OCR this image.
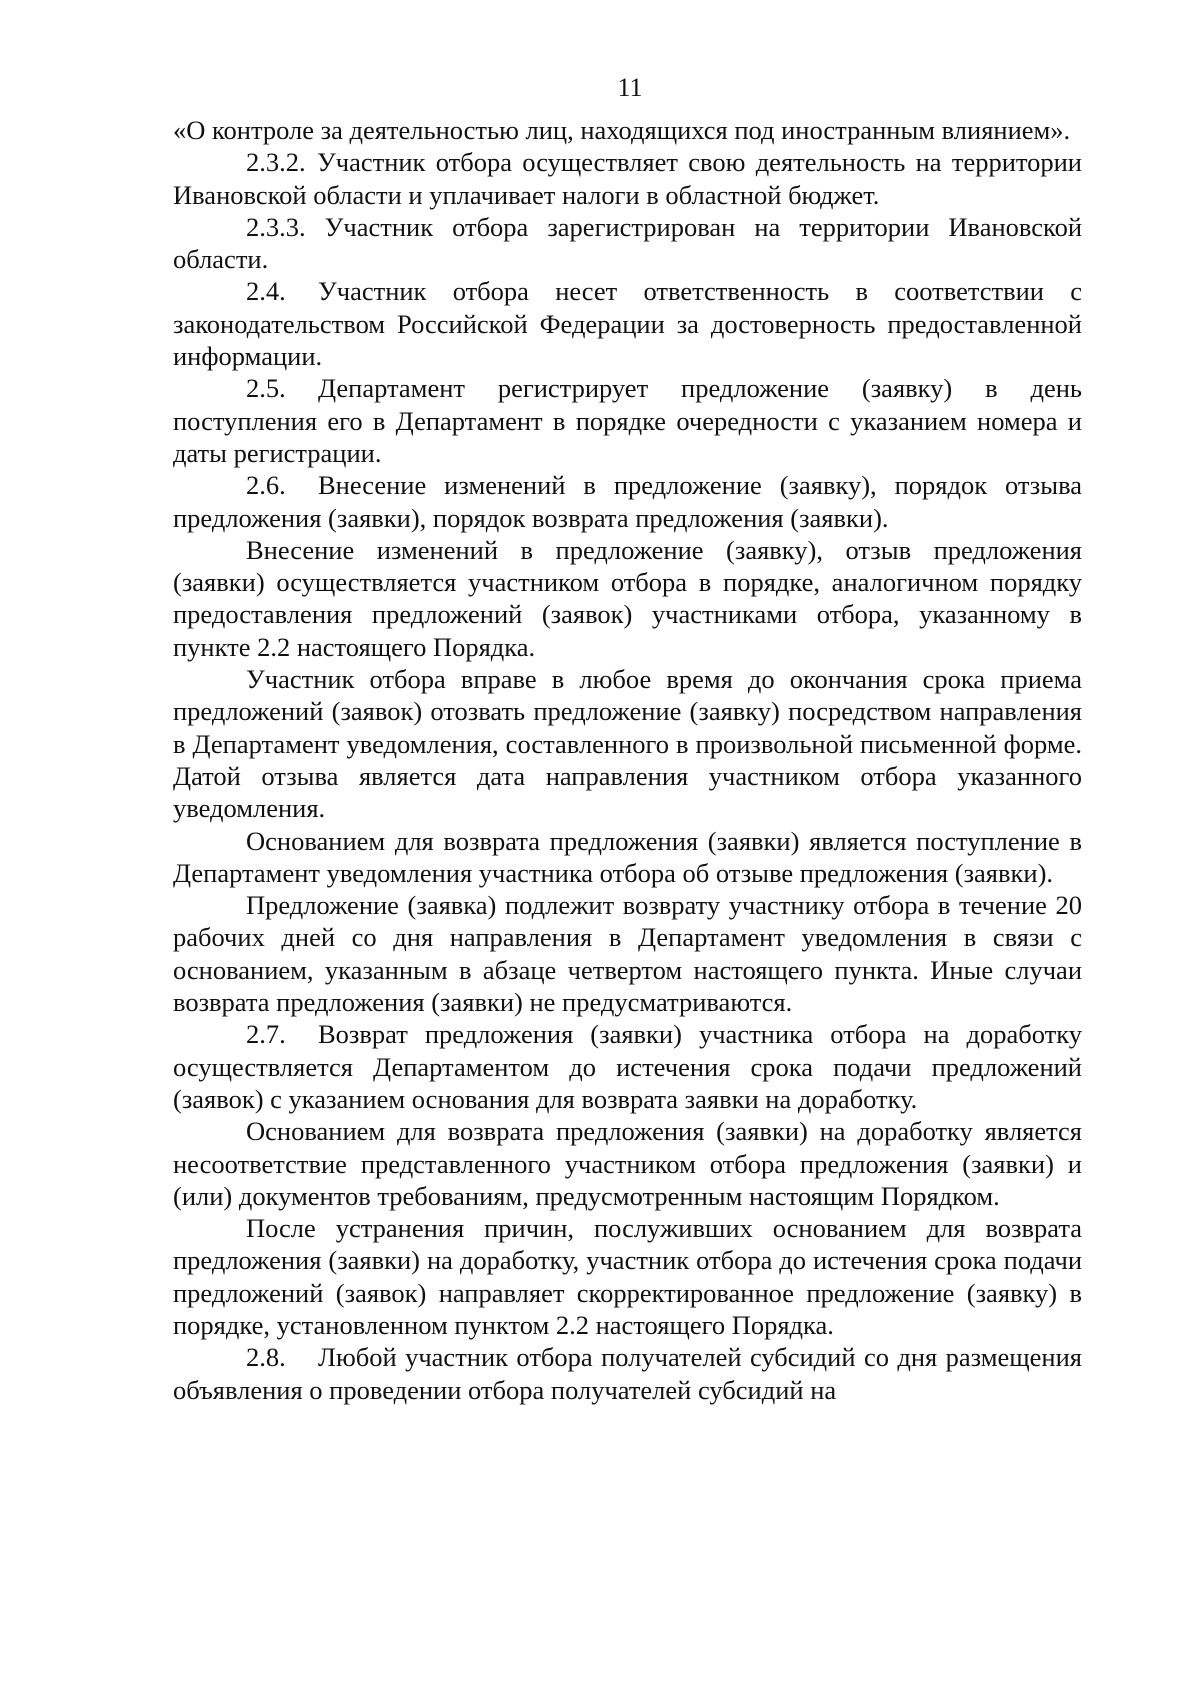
11

«О контроле за деятельностью лиц, находящихся под иностранным влиянием».

2.3.2. Участник отбора осуществляет свою деятельность на территории Ивановской области и уплачивает налоги в областной бюджет.

2.3.3. Участник отбора зарегистрирован на территории Ивановской области.

2.4. Участник отбора несет ответственность в соответствии с законодательством Российской Федерации за достоверность предоставленной информации.

2.5. Департамент регистрирует предложение (заявку) в день поступления его в Департамент в порядке очередности с указанием номера и даты регистрации.

2.6. Внесение изменений в предложение (заявку), порядок отзыва предложения (заявки), порядок возврата предложения (заявки).

Внесение изменений в предложение (заявку), отзыв предложения (заявки) осуществляется участником отбора в порядке, аналогичном порядку предоставления предложений (заявок) участниками отбора, указанному в пункте 2.2 настоящего Порядка.

Участник отбора вправе в любое время до окончания срока приема предложений (заявок) отозвать предложение (заявку) посредством направления в Департамент уведомления, составленного в произвольной письменной форме. Датой отзыва является дата направления участником отбора указанного уведомления.

Основанием для возврата предложения (заявки) является поступление в Департамент уведомления участника отбора об отзыве предложения (заявки).

Предложение (заявка) подлежит возврату участнику отбора в течение 20 рабочих дней со дня направления в Департамент уведомления в связи с основанием, указанным в абзаце четвертом настоящего пункта. Иные случаи возврата предложения (заявки) не предусматриваются.

2.7. Возврат предложения (заявки) участника отбора на доработку осуществляется Департаментом до истечения срока подачи предложений (заявок) с указанием основания для возврата заявки на доработку.

Основанием для возврата предложения (заявки) на доработку является несоответствие представленного участником отбора предложения (заявки) и (или) документов требованиям, предусмотренным настоящим Порядком.

После устранения причин, послуживших основанием для возврата предложения (заявки) на доработку, участник отбора до истечения срока подачи предложений (заявок) направляет скорректированное предложение (заявку) в порядке, установленном пунктом 2.2 настоящего Порядка.

2.8. Любой участник отбора получателей субсидий со дня размещения объявления о проведении отбора получателей субсидий на
